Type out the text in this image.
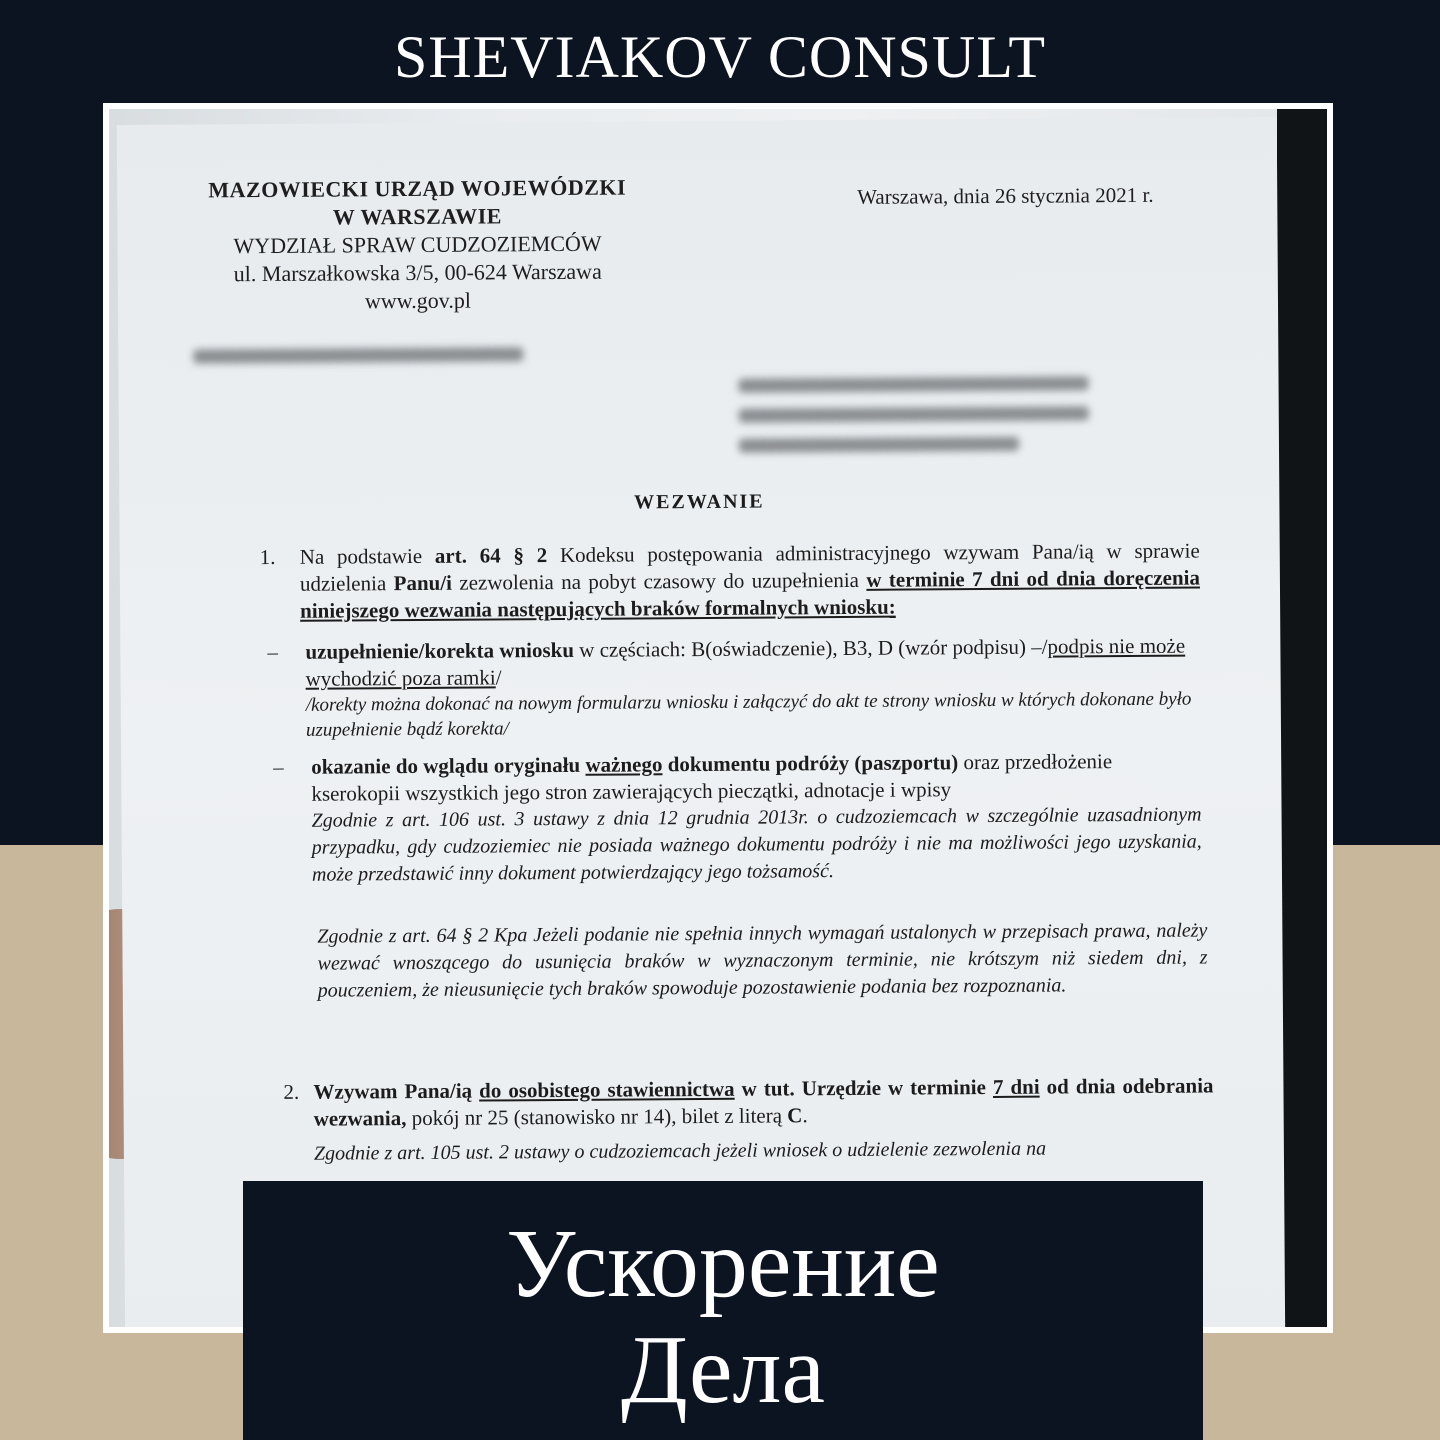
SHEVIAKOV CONSULT
MAZOWIECKI URZĄD WOJEWÓDZKI
W WARSZAWIE
WYDZIAŁ SPRAW CUDZOZIEMCÓW
ul. Marszałkowska 3/5, 00-624 Warszawa
www.gov.pl
Warszawa, dnia 26 stycznia 2021 r.
WEZWANIE
1. Na podstawie art. 64 § 2 Kodeksu postępowania administracyjnego wzywam Pana/ią w sprawie udzielenia Panu/i zezwolenia na pobyt czasowy do uzupełnienia w terminie 7 dni od dnia doręczenia niniejszego wezwania następujących braków formalnych wniosku:
– uzupełnienie/korekta wniosku w częściach: B(oświadczenie), B3, D (wzór podpisu) –/podpis nie może wychodzić poza ramki/
/korekty można dokonać na nowym formularzu wniosku i załączyć do akt te strony wniosku w których dokonane było uzupełnienie bądź korekta/
– okazanie do wglądu oryginału ważnego dokumentu podróży (paszportu) oraz przedłożenie kserokopii wszystkich jego stron zawierających pieczątki, adnotacje i wpisy
Zgodnie z art. 106 ust. 3 ustawy z dnia 12 grudnia 2013r. o cudzoziemcach w szczególnie uzasadnionym przypadku, gdy cudzoziemiec nie posiada ważnego dokumentu podróży i nie ma możliwości jego uzyskania, może przedstawić inny dokument potwierdzający jego tożsamość.
Zgodnie z art. 64 § 2 Kpa Jeżeli podanie nie spełnia innych wymagań ustalonych w przepisach prawa, należy wezwać wnoszącego do usunięcia braków w wyznaczonym terminie, nie krótszym niż siedem dni, z pouczeniem, że nieusunięcie tych braków spowoduje pozostawienie podania bez rozpoznania.
2. Wzywam Pana/ią do osobistego stawiennictwa w tut. Urzędzie w terminie 7 dni od dnia odebrania wezwania, pokój nr 25 (stanowisko nr 14), bilet z literą C.
Zgodnie z art. 105 ust. 2 ustawy o cudzoziemcach jeżeli wniosek o udzielenie zezwolenia na
Ускорение
Дела
